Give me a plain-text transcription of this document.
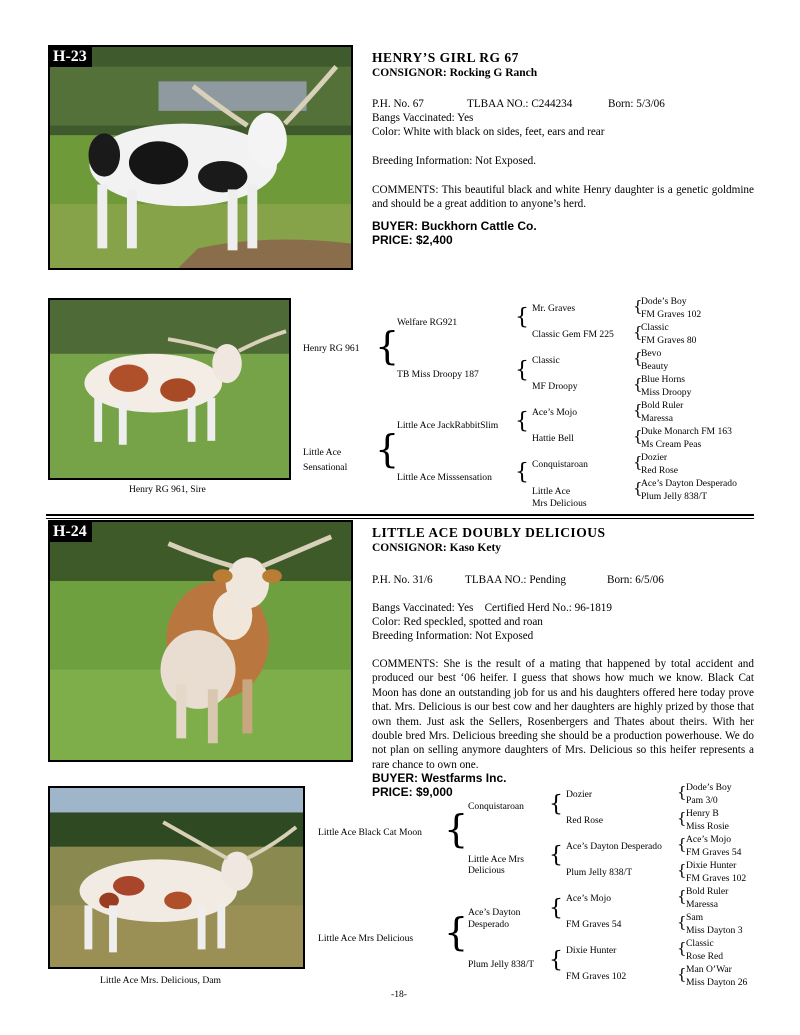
H-23	HENRY’S GIRL RG 67
CONSIGNOR: Rocking G Ranch
P.H. No. 67	TLBAA NO.: C244234	Born: 5/3/06
Bangs Vaccinated: Yes
Color: White with black on sides, feet, ears and rear
Breeding Information: Not Exposed.
COMMENTS: This beautiful black and white Henry daughter is a genetic goldmine and should be a great addition to anyone’s herd.
BUYER: Buckhorn Cattle Co.
PRICE: $2,400
Henry RG 961, Sire
Henry RG 961
Little Ace
Sensational
{
{
Welfare RG921
TB Miss Droopy 187
Little Ace JackRabbitSlim
Little Ace Misssensation
{
{
{
{
Mr. Graves
Classic Gem FM 225
Classic
MF Droopy
Ace’s Mojo
Hattie Bell
Conquistaroan
Little Ace
Mrs Delicious
{
{
{
{
{
{
{
{
Dode’s Boy
FM Graves 102
Classic
FM Graves 80
Bevo
Beauty
Blue Horns
Miss Droopy
Bold Ruler
Maressa
Duke Monarch FM 163
Ms Cream Peas
Dozier
Red Rose
Ace’s Dayton Desperado
Plum Jelly 838/T
H-24	LITTLE ACE DOUBLY DELICIOUS
CONSIGNOR: Kaso Kety
P.H. No. 31/6	TLBAA NO.: Pending	Born: 6/5/06
Bangs Vaccinated: Yes    Certified Herd No.: 96-1819
Color: Red speckled, spotted and roan
Breeding Information: Not Exposed
COMMENTS: She is the result of a mating that happened by total accident and produced our best ‘06 heifer. I guess that shows how much we know. Black Cat Moon has done an outstanding job for us and his daughters offered here today prove that. Mrs. Delicious is our best cow and her daughters are highly prized by those that own them. Just ask the Sellers, Rosenbergers and Thates about theirs. With her double bred Mrs. Delicious breeding she should be a production powerhouse. We do not plan on selling anymore daughters of Mrs. Delicious so this heifer represents a rare chance to own one.
BUYER: Westfarms Inc.
PRICE: $9,000
Little Ace Mrs. Delicious, Dam
Little Ace Black Cat Moon
Little Ace Mrs Delicious
{
{
Conquistaroan
Little Ace Mrs
Delicious
Ace’s Dayton
Desperado
Plum Jelly 838/T
{
{
{
{
Dozier
Red Rose
Ace’s Dayton Desperado
Plum Jelly 838/T
Ace’s Mojo
FM Graves 54
Dixie Hunter
FM Graves 102
{
{
{
{
{
{
{
{
Dode’s Boy
Pam 3/0
Henry B
Miss Rosie
Ace’s Mojo
FM Graves 54
Dixie Hunter
FM Graves 102
Bold Ruler
Maressa
Sam
Miss Dayton 3
Classic
Rose Red
Man O’War
Miss Dayton 26
-18-
